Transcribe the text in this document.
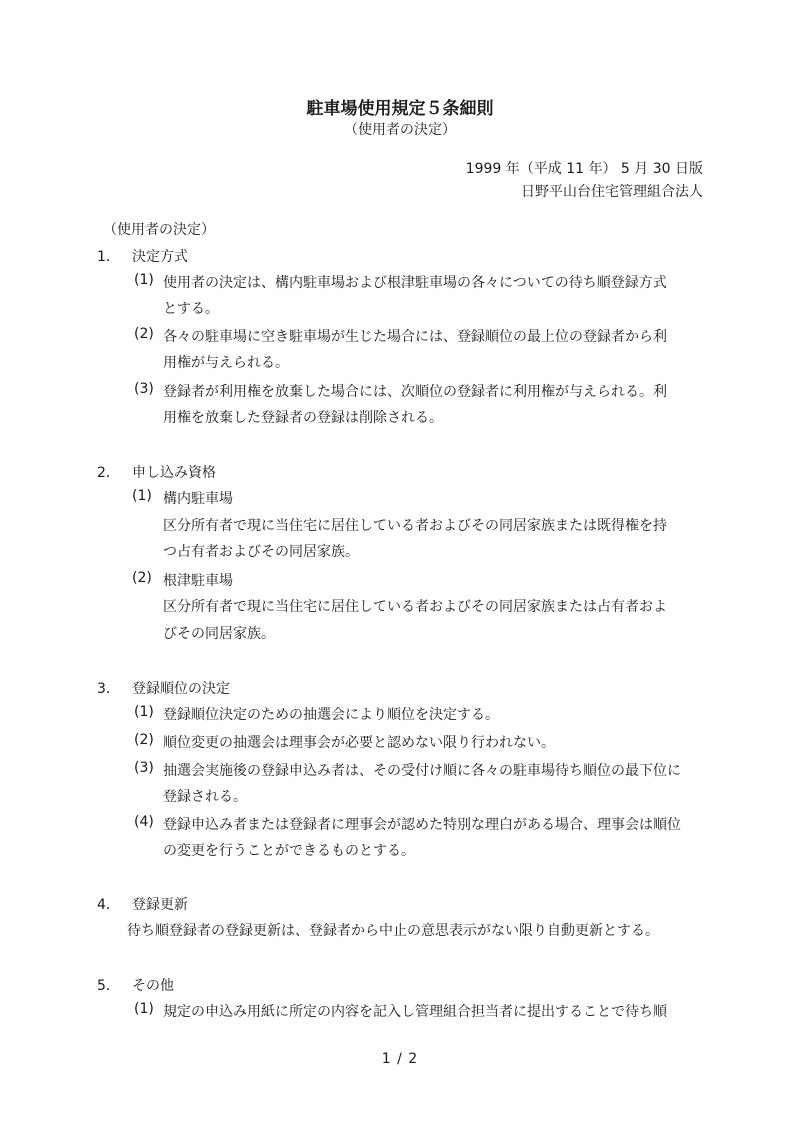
駐車場使用規定５条細則
（使用者の決定）
1999 年（平成 11 年） 5 月 30 日版
日野平山台住宅管理組合法人
（使用者の決定）
1． 決定方式
(1) 使用者の決定は、構内駐車場および根津駐車場の各々についての待ち順登録方式
とする。
(2) 各々の駐車場に空き駐車場が生じた場合には、登録順位の最上位の登録者から利
用権が与えられる。
(3) 登録者が利用権を放棄した場合には、次順位の登録者に利用権が与えられる。利
用権を放棄した登録者の登録は削除される。
2． 申し込み資格
(1) 構内駐車場
区分所有者で現に当住宅に居住している者およびその同居家族または既得権を持
つ占有者およびその同居家族。
(2) 根津駐車場
区分所有者で現に当住宅に居住している者およびその同居家族または占有者およ
びその同居家族。
3． 登録順位の決定
(1) 登録順位決定のための抽選会により順位を決定する。
(2) 順位変更の抽選会は理事会が必要と認めない限り行われない。
(3) 抽選会実施後の登録申込み者は、その受付け順に各々の駐車場待ち順位の最下位に
登録される。
(4) 登録申込み者または登録者に理事会が認めた特別な理白がある場合、理事会は順位
の変更を行うことができるものとする。
4． 登録更新
待ち順登録者の登録更新は、登録者から中止の意思表示がない限り自動更新とする。
5． その他
(1) 規定の申込み用紙に所定の内容を記入し管理組合担当者に提出することで待ち順
1 / 2
